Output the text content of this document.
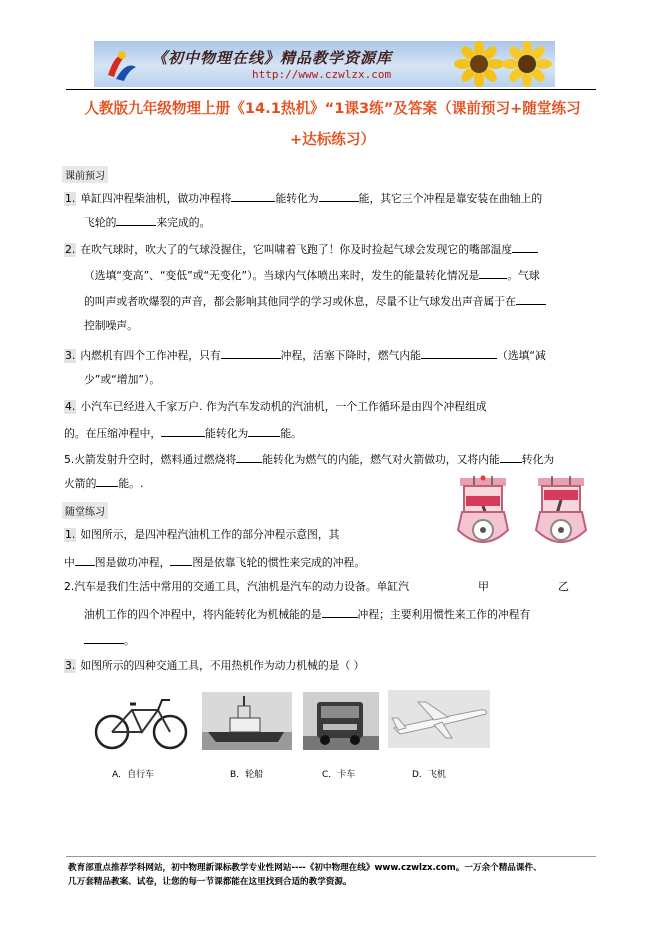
《初中物理在线》精品教学资源库
http://www.czwlzx.com
人教版九年级物理上册《14.1热机》“1课3练”及答案（课前预习+随堂练习
+达标练习）
课前预习
1. 单缸四冲程柴油机，做功冲程将	能转化为	能，其它三个冲程是靠安装在曲轴上的
飞轮的	来完成的。
2. 在吹气球时，吹大了的气球没握住，它叫啸着飞跑了！你及时捡起气球会发现它的嘴部温度
（选填“变高”、“变低”或“无变化”）。当球内气体喷出来时，发生的能量转化情况是	。气球
的叫声或者吹爆裂的声音，都会影响其他同学的学习或休息，尽量不让气球发出声音属于在
控制噪声。
3. 内燃机有四个工作冲程，只有	冲程，活塞下降时，燃气内能	（选填“减
少”或“增加”）。
4. 小汽车已经进入千家万户. 作为汽车发动机的汽油机，一个工作循环是由四个冲程组成
的。在压缩冲程中，	能转化为	能。
5.火箭发射升空时，燃料通过燃烧将 能转化为燃气的内能，燃气对火箭做功，又将内能 转化为
火箭的 能。.
随堂练习
1. 如图所示，是四冲程汽油机工作的部分冲程示意图，其
中 图是做功冲程， 图是依靠飞轮的惯性来完成的冲程。
2.汽车是我们生活中常用的交通工具，汽油机是汽车的动力设备。单缸汽
油机工作的四个冲程中，将内能转化为机械能的是	冲程；主要利用惯性来工作的冲程有
。
甲	乙
3. 如图所示的四种交通工具，不用热机作为动力机械的是（ ）
A．自行车	B．轮船	C．卡车	D．飞机
教育部重点推荐学科网站，初中物理新课标教学专业性网站----《初中物理在线》www.czwlzx.com。一万余个精品课件、
几万套精品教案、试卷，让您的每一节课都能在这里找到合适的教学资源。
